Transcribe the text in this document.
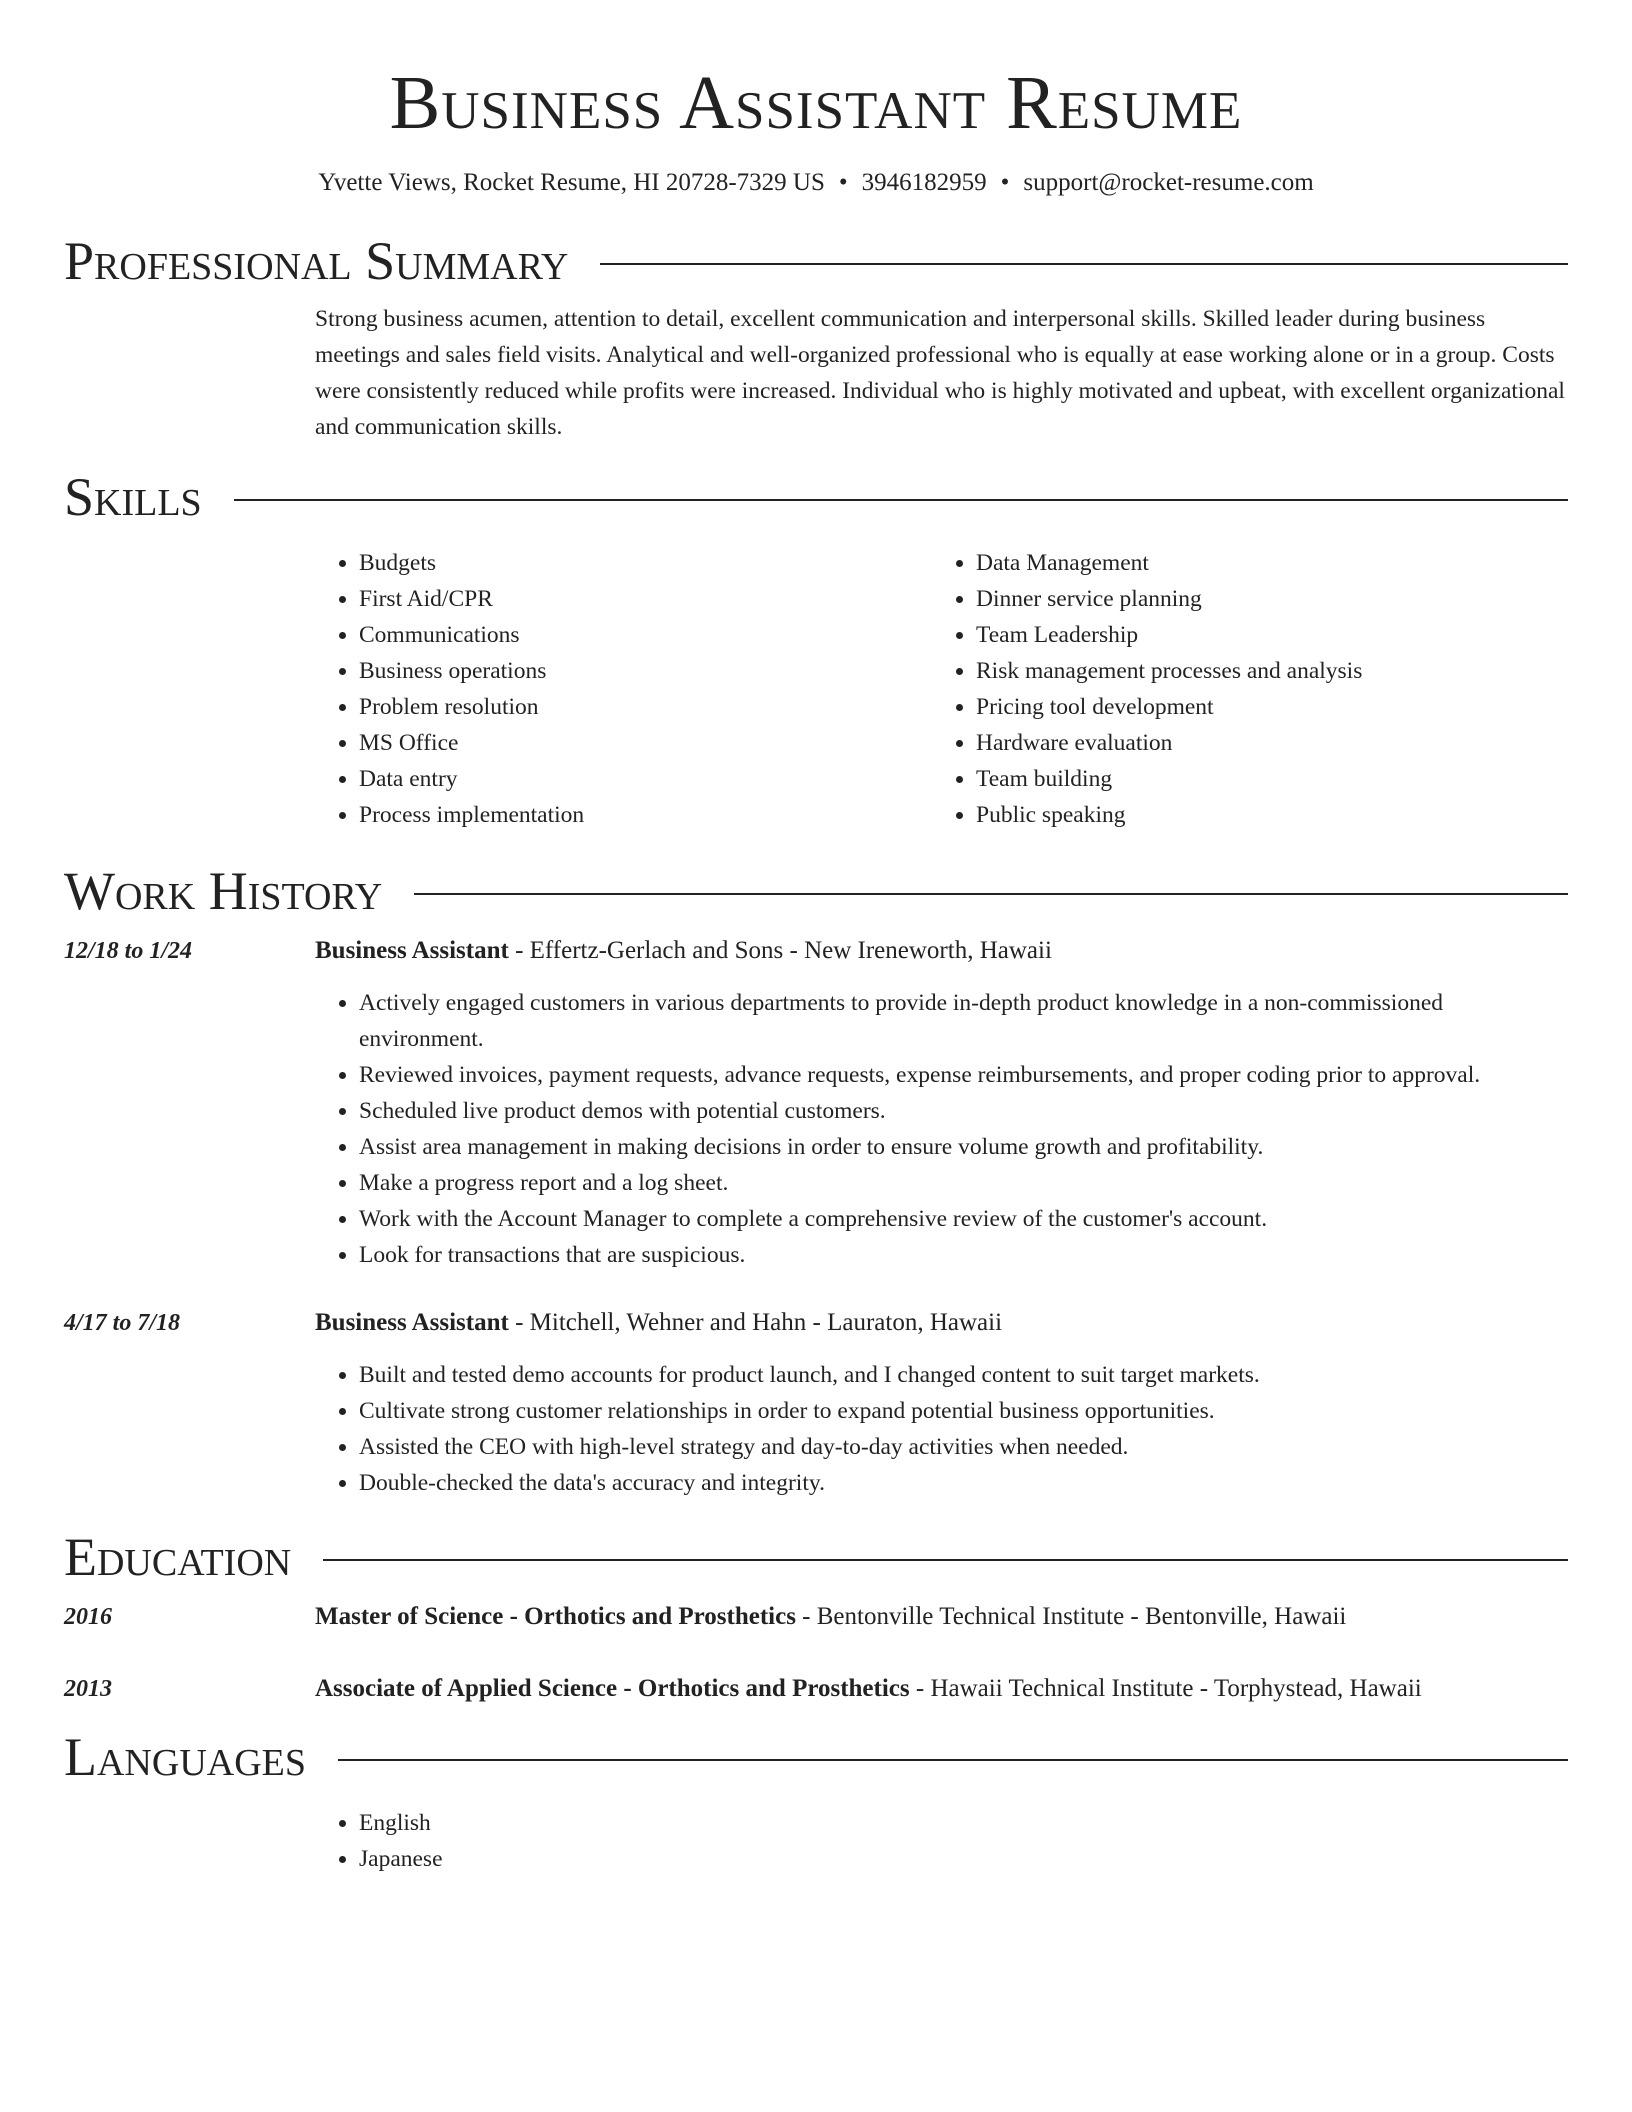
Business Assistant Resume
Yvette Views, Rocket Resume, HI 20728-7329 US • 3946182959 • support@rocket-resume.com
Professional Summary
Strong business acumen, attention to detail, excellent communication and interpersonal skills. Skilled leader during business meetings and sales field visits. Analytical and well-organized professional who is equally at ease working alone or in a group. Costs were consistently reduced while profits were increased. Individual who is highly motivated and upbeat, with excellent organizational and communication skills.
Skills
• Budgets
• First Aid/CPR
• Communications
• Business operations
• Problem resolution
• MS Office
• Data entry
• Process implementation
• Data Management
• Dinner service planning
• Team Leadership
• Risk management processes and analysis
• Pricing tool development
• Hardware evaluation
• Team building
• Public speaking
Work History
12/18 to 1/24	Business Assistant - Effertz-Gerlach and Sons - New Ireneworth, Hawaii
• Actively engaged customers in various departments to provide in-depth product knowledge in a non-commissioned environment.
• Reviewed invoices, payment requests, advance requests, expense reimbursements, and proper coding prior to approval.
• Scheduled live product demos with potential customers.
• Assist area management in making decisions in order to ensure volume growth and profitability.
• Make a progress report and a log sheet.
• Work with the Account Manager to complete a comprehensive review of the customer's account.
• Look for transactions that are suspicious.
4/17 to 7/18	Business Assistant - Mitchell, Wehner and Hahn - Lauraton, Hawaii
• Built and tested demo accounts for product launch, and I changed content to suit target markets.
• Cultivate strong customer relationships in order to expand potential business opportunities.
• Assisted the CEO with high-level strategy and day-to-day activities when needed.
• Double-checked the data's accuracy and integrity.
Education
2016	Master of Science - Orthotics and Prosthetics - Bentonville Technical Institute - Bentonville, Hawaii
2013	Associate of Applied Science - Orthotics and Prosthetics - Hawaii Technical Institute - Torphystead, Hawaii
Languages
• English
• Japanese
